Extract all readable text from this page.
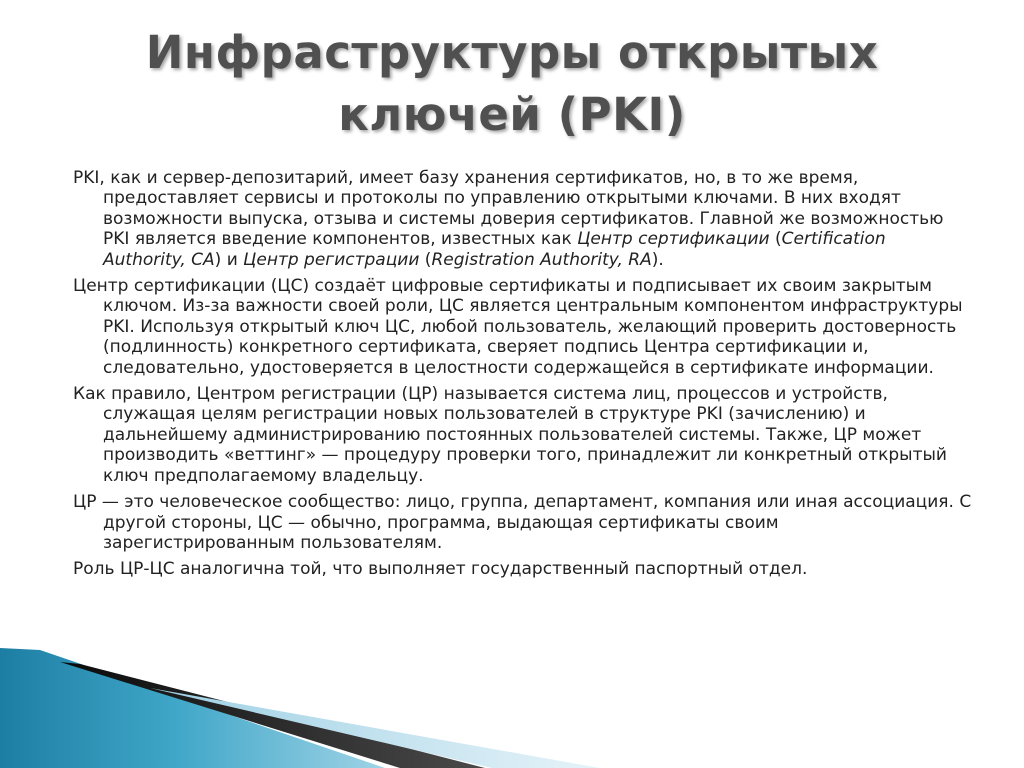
Инфраструктуры открытых
ключей (PKI)

PKI, как и сервер-депозитарий, имеет базу хранения сертификатов, но, в то же время, предоставляет сервисы и протоколы по управлению открытыми ключами. В них входят возможности выпуска, отзыва и системы доверия сертификатов. Главной же возможностью PKI является введение компонентов, известных как Центр сертификации (Certification Authority, CA) и Центр регистрации (Registration Authority, RA).

Центр сертификации (ЦС) создаёт цифровые сертификаты и подписывает их своим закрытым ключом. Из-за важности своей роли, ЦС является центральным компонентом инфраструктуры PKI. Используя открытый ключ ЦС, любой пользователь, желающий проверить достоверность (подлинность) конкретного сертификата, сверяет подпись Центра сертификации и, следовательно, удостоверяется в целостности содержащейся в сертификате информации.

Как правило, Центром регистрации (ЦР) называется система лиц, процессов и устройств, служащая целям регистрации новых пользователей в структуре PKI (зачислению) и дальнейшему администрированию постоянных пользователей системы. Также, ЦР может производить «веттинг» — процедуру проверки того, принадлежит ли конкретный открытый ключ предполагаемому владельцу.

ЦР — это человеческое сообщество: лицо, группа, департамент, компания или иная ассоциация. С другой стороны, ЦС — обычно, программа, выдающая сертификаты своим зарегистрированным пользователям.

Роль ЦР-ЦС аналогична той, что выполняет государственный паспортный отдел.
